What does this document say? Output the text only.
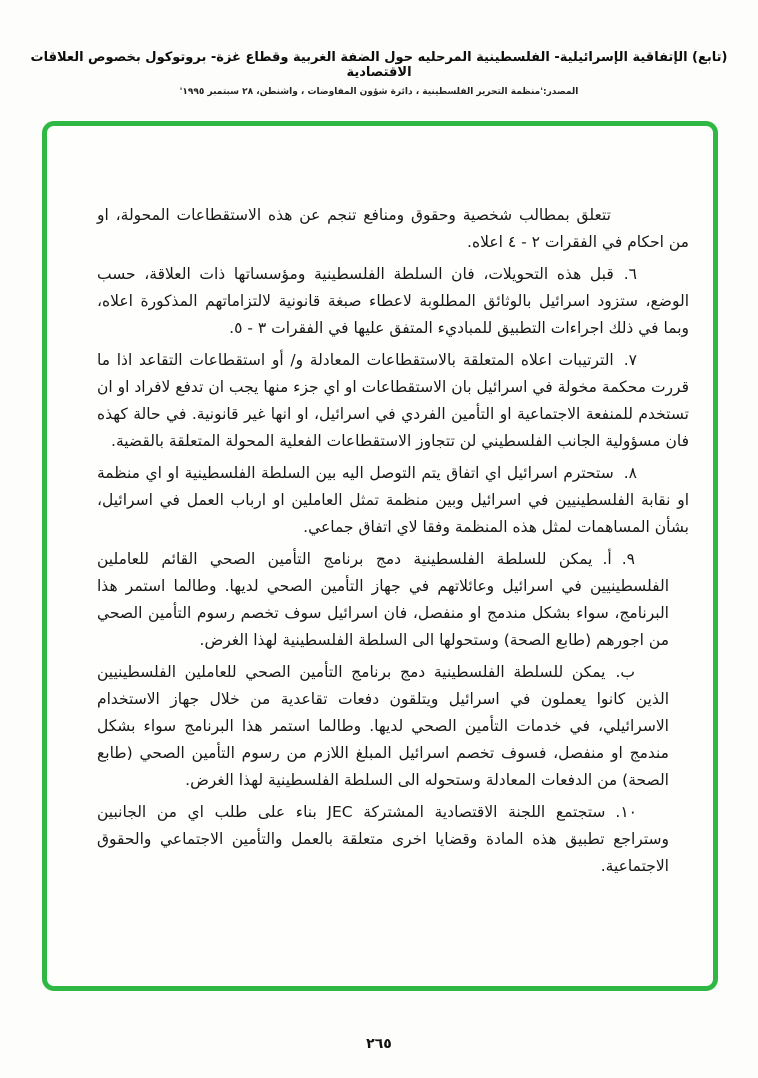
(تابع) الإتفاقية الإسرائيلية- الفلسطينية المرحليه حول الضفة الغربية وقطاع غزة- بروتوكول بخصوص العلاقات الاقتصادية
المصدر:'منظمة التحرير الفلسطينية ، دائرة شؤون المفاوضات ، واشنطن، ٢٨ سبتمبر ١٩٩٥'

تتعلق بمطالب شخصية وحقوق ومنافع تنجم عن هذه الاستقطاعات المحولة، او من احكام في الفقرات ٢ - ٤ اعلاه.

٦.قبل هذه التحويلات، فان السلطة الفلسطينية ومؤسساتها ذات العلاقة، حسب الوضع، ستزود اسرائيل بالوثائق المطلوبة لاعطاء صبغة قانونية لالتزاماتهم المذكورة اعلاه، وبما في ذلك اجراءات التطبيق للمباديء المتفق عليها في الفقرات ٣ - ٥.

٧.الترتيبات اعلاه المتعلقة بالاستقطاعات المعادلة و/ أو استقطاعات التقاعد اذا ما قررت محكمة مخولة في اسرائيل بان الاستقطاعات او اي جزء منها يجب ان تدفع لافراد او ان تستخدم للمنفعة الاجتماعية او التأمين الفردي في اسرائيل، او انها غير قانونية. في حالة كهذه فان مسؤولية الجانب الفلسطيني لن تتجاوز الاستقطاعات الفعلية المحولة المتعلقة بالقضية.

٨.ستحترم اسرائيل اي اتفاق يتم التوصل اليه بين السلطة الفلسطينية او اي منظمة او نقابة الفلسطينيين في اسرائيل وبين منظمة تمثل العاملين او ارباب العمل في اسرائيل، بشأن المساهمات لمثل هذه المنظمة وفقا لاي اتفاق جماعي.

٩.أ.يمكن للسلطة الفلسطينية دمج برنامج التأمين الصحي القائم للعاملين الفلسطينيين في اسرائيل وعائلاتهم في جهاز التأمين الصحي لديها. وطالما استمر هذا البرنامج، سواء بشكل مندمج او منفصل، فان اسرائيل سوف تخصم رسوم التأمين الصحي من اجورهم (طابع الصحة) وستحولها الى السلطة الفلسطينية لهذا الغرض.

ب.يمكن للسلطة الفلسطينية دمج برنامج التأمين الصحي للعاملين الفلسطينيين الذين كانوا يعملون في اسرائيل ويتلقون دفعات تقاعدية من خلال جهاز الاستخدام الاسرائيلي، في خدمات التأمين الصحي لديها. وطالما استمر هذا البرنامج سواء بشكل مندمج او منفصل، فسوف تخصم اسرائيل المبلغ اللازم من رسوم التأمين الصحي (طابع الصحة) من الدفعات المعادلة وستحوله الى السلطة الفلسطينية لهذا الغرض.

١٠.ستجتمع اللجنة الاقتصادية المشتركة JEC بناء على طلب اي من الجانبين وستراجع تطبيق هذه المادة وقضايا اخرى متعلقة بالعمل والتأمين الاجتماعي والحقوق الاجتماعية.

٢٦٥
